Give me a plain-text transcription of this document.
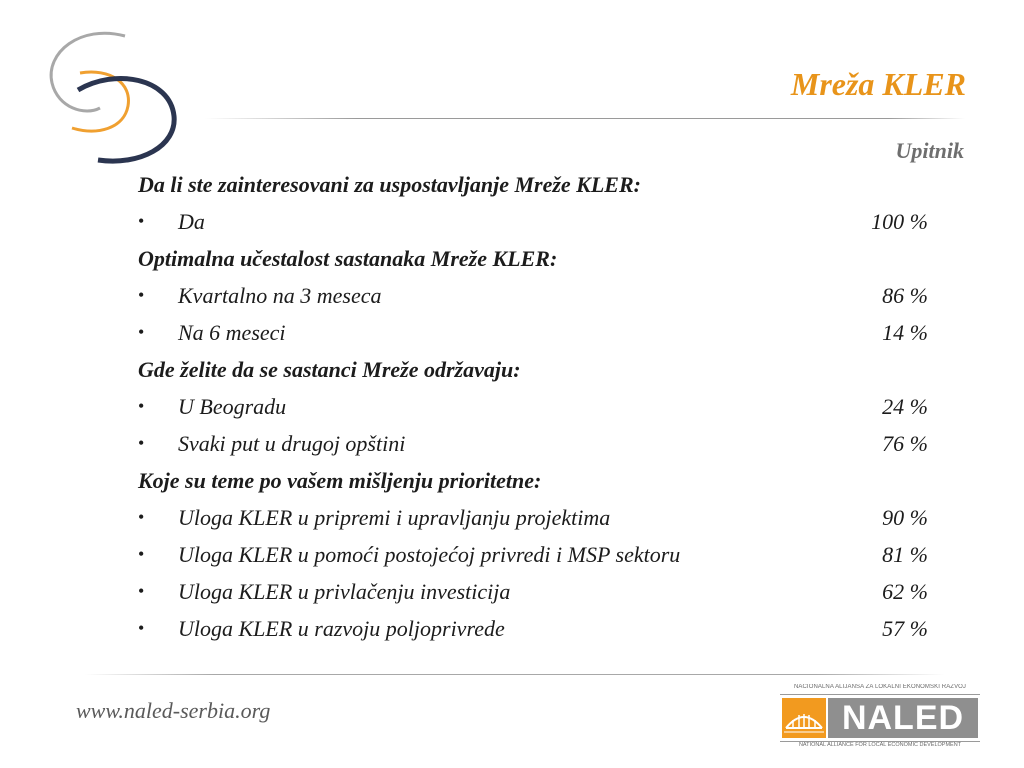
Mreža KLER
Upitnik
Da li ste zainteresovani za uspostavljanje Mreže KLER:
•	Da	100 %
Optimalna učestalost sastanaka Mreže KLER:
•	Kvartalno na 3 meseca	86 %
•	Na 6 meseci	14 %
Gde želite da se sastanci Mreže održavaju:
•	U Beogradu	24 %
•	Svaki put u drugoj opštini	76 %
Koje su teme po vašem mišljenju prioritetne:
•	Uloga KLER u pripremi i upravljanju projektima	90 %
•	Uloga KLER u pomoći postojećoj privredi i MSP sektoru	81 %
•	Uloga KLER u privlačenju investicija	62 %
•	Uloga KLER u razvoju poljoprivrede	57 %
www.naled-serbia.org
NACIONALNA ALIJANSA ZA LOKALNI EKONOMSKI RAZVOJ
NALED
NATIONAL ALLIANCE FOR LOCAL ECONOMIC DEVELOPMENT
